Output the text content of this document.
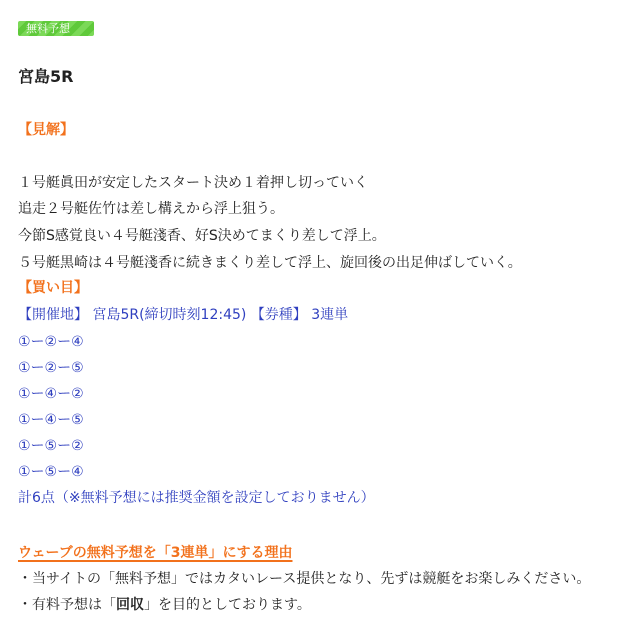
無料予想
宮島5R
【見解】
１号艇眞田が安定したスタート決め１着押し切っていく
追走２号艇佐竹は差し構えから浮上狙う。
今節S感覚良い４号艇淺香、好S決めてまくり差して浮上。
５号艇黒崎は４号艇淺香に続きまくり差して浮上、旋回後の出足伸ばしていく。
【買い目】
【開催地】 宮島5R(締切時刻12:45) 【券種】 3連単
①ー②ー④
①ー②ー⑤
①ー④ー②
①ー④ー⑤
①ー⑤ー②
①ー⑤ー④
計6点（※無料予想には推奨金額を設定しておりません）
ウェーブの無料予想を「3連単」にする理由
・当サイトの「無料予想」ではカタいレース提供となり、先ずは競艇をお楽しみください。
・有料予想は「回収」を目的としております。
